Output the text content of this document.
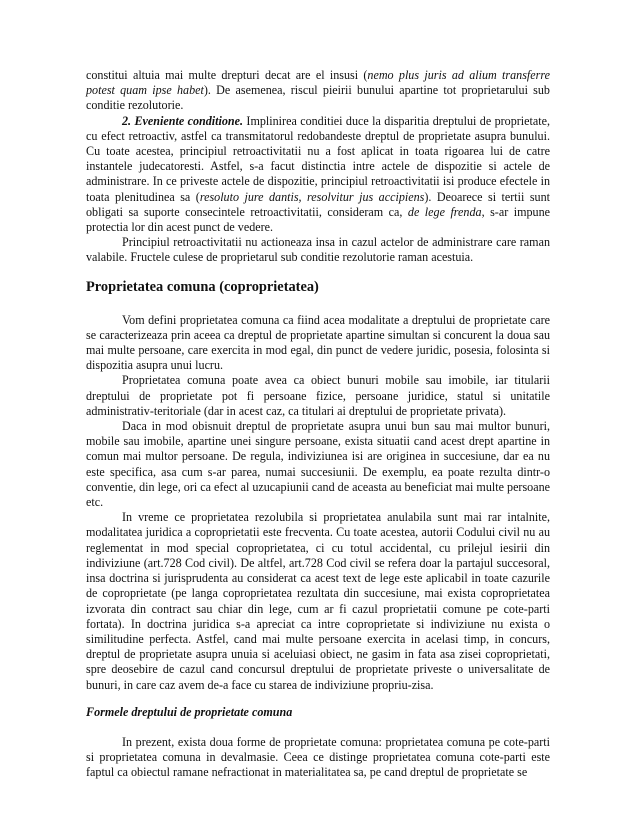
constitui altuia mai multe drepturi decat are el insusi (nemo plus juris ad alium transferre potest quam ipse habet). De asemenea, riscul pieirii bunului apartine tot proprietarului sub conditie rezolutorie.

2. Eveniente conditione. Implinirea conditiei duce la disparitia dreptului de proprietate, cu efect retroactiv, astfel ca transmitatorul redobandeste dreptul de proprietate asupra bunului. Cu toate acestea, principiul retroactivitatii nu a fost aplicat in toata rigoarea lui de catre instantele judecatoresti. Astfel, s-a facut distinctia intre actele de dispozitie si actele de administrare. In ce priveste actele de dispozitie, principiul retroactivitatii isi produce efectele in toata plenitudinea sa (resoluto jure dantis, resolvitur jus accipiens). Deoarece si tertii sunt obligati sa suporte consecintele retroactivitatii, consideram ca, de lege frenda, s-ar impune protectia lor din acest punct de vedere.

Principiul retroactivitatii nu actioneaza insa in cazul actelor de administrare care raman valabile. Fructele culese de proprietarul sub conditie rezolutorie raman acestuia.

Proprietatea comuna (coproprietatea)

Vom defini proprietatea comuna ca fiind acea modalitate a dreptului de proprietate care se caracterizeaza prin aceea ca dreptul de proprietate apartine simultan si concurent la doua sau mai multe persoane, care exercita in mod egal, din punct de vedere juridic, posesia, folosinta si dispozitia asupra unui lucru.

Proprietatea comuna poate avea ca obiect bunuri mobile sau imobile, iar titularii dreptului de proprietate pot fi persoane fizice, persoane juridice, statul si unitatile administrativ-teritoriale (dar in acest caz, ca titulari ai dreptului de proprietate privata).

Daca in mod obisnuit dreptul de proprietate asupra unui bun sau mai multor bunuri, mobile sau imobile, apartine unei singure persoane, exista situatii cand acest drept apartine in comun mai multor persoane. De regula, indiviziunea isi are originea in succesiune, dar ea nu este specifica, asa cum s-ar parea, numai succesiunii. De exemplu, ea poate rezulta dintr-o conventie, din lege, ori ca efect al uzucapiunii cand de aceasta au beneficiat mai multe persoane etc.

In vreme ce proprietatea rezolubila si proprietatea anulabila sunt mai rar intalnite, modalitatea juridica a coproprietatii este frecventa. Cu toate acestea, autorii Codului civil nu au reglementat in mod special coproprietatea, ci cu totul accidental, cu prilejul iesirii din indiviziune (art.728 Cod civil). De altfel, art.728 Cod civil se refera doar la partajul succesoral, insa doctrina si jurisprudenta au considerat ca acest text de lege este aplicabil in toate cazurile de coproprietate (pe langa coproprietatea rezultata din succesiune, mai exista coproprietatea izvorata din contract sau chiar din lege, cum ar fi cazul proprietatii comune pe cote-parti fortata). In doctrina juridica s-a apreciat ca intre coproprietate si indiviziune nu exista o similitudine perfecta. Astfel, cand mai multe persoane exercita in acelasi timp, in concurs, dreptul de proprietate asupra unuia si aceluiasi obiect, ne gasim in fata asa zisei coproprietati, spre deosebire de cazul cand concursul dreptului de proprietate priveste o universalitate de bunuri, in care caz avem de-a face cu starea de indiviziune propriu-zisa.

Formele dreptului de proprietate comuna

In prezent, exista doua forme de proprietate comuna: proprietatea comuna pe cote-parti si proprietatea comuna in devalmasie. Ceea ce distinge proprietatea comuna cote-parti este faptul ca obiectul ramane nefractionat in materialitatea sa, pe cand dreptul de proprietate se
